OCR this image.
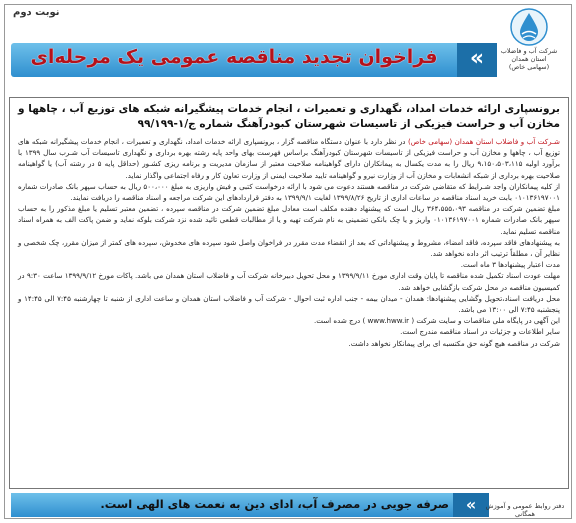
نوبت دوم
فراخوان تجدید مناقصه عمومی یک مرحله‌ای	«	شرکت آب و فاضلاب استان همدان
(سهامی خاص)
برونسپاری ارائه خدمات امداد، نگهداری و تعمیرات ، انجام خدمات پیشگیرانه شبکه های توزیع آب ، چاهها و مخازن آب و حراست فیزیکی از تاسیسات شهرستان کبودرآهنگ شماره ج/۱-۹۹/۱۹۹

شـرکت آب و فاضلاب استان همدان (سهامی خاص) در نظر دارد با عنوان دستگاه مناقصه گزار ، برونسپاری ارائه خدمات امداد، نگهداری و تعمیرات ، انجام خدمات پیشگیرانه شبکه های توزیع آب ، چاهها و مخازن آب و حراست فیزیکی از تاسیسات شهرستان کبودرآهنگ براساس فهرست بهای واحد پایه رشته بهره برداری و نگهداری تاسیسات آب شـرب سال ۱۳۹۹ با برآورد اولیه ۹،۱۵۰،۵۰۳،۱۱۵ ریال را به مدت یکسال به پیمانکاران دارای گواهینامه صلاحیت معتبر از سازمان مدیریت و برنامه ریزی کشـور (حداقل پایه ۵ در رشته آب) یا گواهینامه صلاحیت بهره برداری از شبکه انشعابات و مخازن آب از وزارت نیرو و گواهینامه تایید صلاحیت ایمنی از وزارت تعاون کار و رفاه اجتماعی واگذار نماید.

از کلیه پیمانکاران واجد شـرایط که متقاضی شرکت در مناقصه هستند دعوت می شود با ارائه درخواست کتبی و فیش واریزی به مبلغ ۵۰۰،۰۰۰ ریال به حساب سپهر بانک صادرات شماره ۰۱۰۱۳۶۱۹۷۰۰۱ بابت خرید اسناد مناقصه در ساعات اداری از تاریخ ۱۳۹۹/۸/۲۶ لغایت ۱۳۹۹/۹/۱ به دفتر قراردادهای این شرکت مراجعه و اسناد مناقصه را دریافت نمایند.

مبلغ تضمین شرکت در مناقصه ۳۶۴،۵۵۵،۰۹۳ ریال است که پیشنهاد دهنده مکلف است معادل مبلغ تضمین شرکت در مناقصه سپرده ، تضمین معتبر تسلیم یا مبلغ مذکور را به حساب سپهر بانک صادرات شماره ۰۱۰۱۳۶۱۹۷۰۰۱ واریز و یا چک بانکی تضمینی به نام شرکت تهیه و یا از مطالبات قطعی تائید شده نزد شرکت بلوکه نماید و ضمن پاکت الف به همراه اسناد مناقصه تسلیم نماید.

به پیشنهادهای فاقد سپرده، فاقد امضاء، مشروط و پیشنهاداتی که بعد از انقضاء مدت مقرر در فراخوان واصل شود سپرده های مخدوش، سپرده های کمتر از میزان مقرر، چک شخصی و نظایر آن ، مطلقاً ترتیب اثر داده نخواهد شد.

مدت اعتبار پیشنهادها ۳ ماه است.

مهلت عودت اسناد تکمیل شده مناقصه تا پایان وقت اداری مورخ ۱۳۹۹/۹/۱۱ و محل تحویل دبیرخانه شرکت آب و فاضلاب استان همدان می باشد. پاکات مورخ ۱۳۹۹/۹/۱۲ ساعت ۹:۳۰ در کمیسیون مناقصه در محل شرکت بازگشایی خواهد شد.

محل دریافت اسناد،تحویل وگشایی پیشنهادها: همدان - میدان بیمه - جنب اداره ثبت احوال - شرکت آب و فاضلاب استان همدان و ساعت اداری از شنبه تا چهارشنبه ۷:۴۵ الی ۱۴:۴۵ و پنجشنبه ۷:۴۵ الی ۱۳:۰۰ می باشد.

این آگهی در پایگاه ملی مناقصات و سایت شرکت ( www.hww.ir ) درج شده است.

سایر اطلاعات و جزئیات در اسناد مناقصه مندرج است.

شرکت در مناقصه هیچ گونه حق مکتسبه ای برای پیمانکار نخواهد داشت.

صرفه جویی در مصرف آب، ادای دین به نعمت های الهی است.	«	دفتر روابط عمومی و آموزش همگانی
